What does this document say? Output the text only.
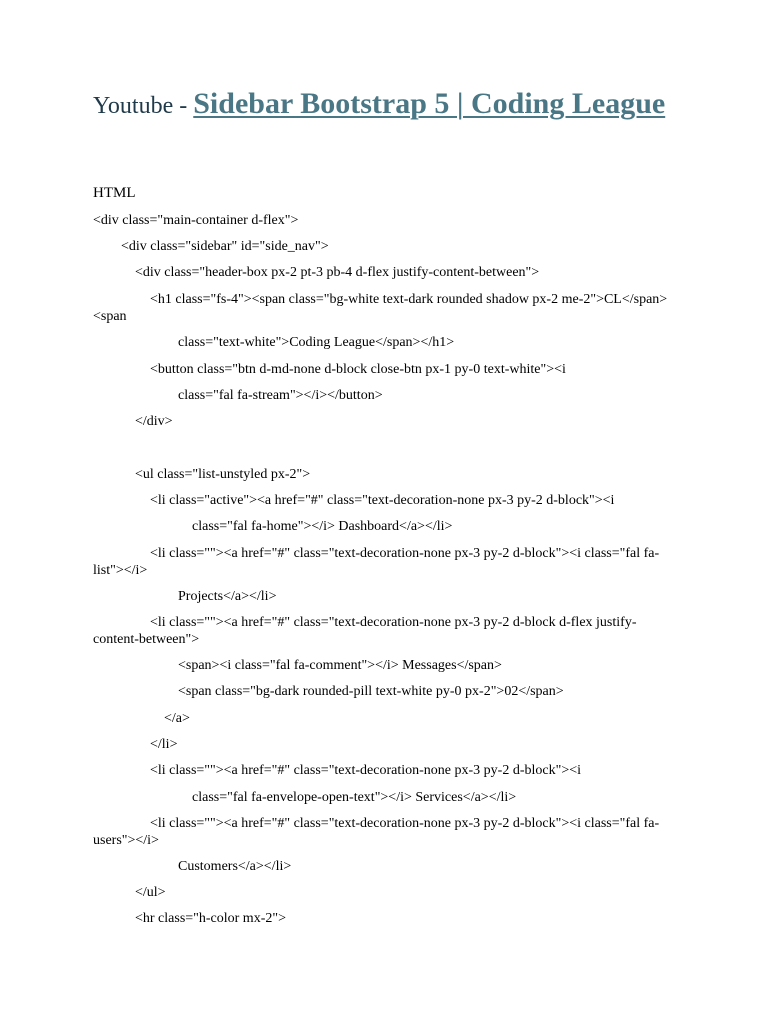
Youtube - Sidebar Bootstrap 5 | Coding League
HTML

<div class="main-container d-flex">

<div class="sidebar" id="side_nav">

<div class="header-box px-2 pt-3 pb-4 d-flex justify-content-between">

<h1 class="fs-4"><span class="bg-white text-dark rounded shadow px-2 me-2">CL</span> <span

class="text-white">Coding League</span></h1>

<button class="btn d-md-none d-block close-btn px-1 py-0 text-white"><i

class="fal fa-stream"></i></button>

</div>

<ul class="list-unstyled px-2">

<li class="active"><a href="#" class="text-decoration-none px-3 py-2 d-block"><i

class="fal fa-home"></i> Dashboard</a></li>

<li class=""><a href="#" class="text-decoration-none px-3 py-2 d-block"><i class="fal fa-list"></i>

Projects</a></li>

<li class=""><a href="#" class="text-decoration-none px-3 py-2 d-block d-flex justify-content-between">

<span><i class="fal fa-comment"></i> Messages</span>

<span class="bg-dark rounded-pill text-white py-0 px-2">02</span>

</a>

</li>

<li class=""><a href="#" class="text-decoration-none px-3 py-2 d-block"><i

class="fal fa-envelope-open-text"></i> Services</a></li>

<li class=""><a href="#" class="text-decoration-none px-3 py-2 d-block"><i class="fal fa-users"></i>

Customers</a></li>

</ul>

<hr class="h-color mx-2">
